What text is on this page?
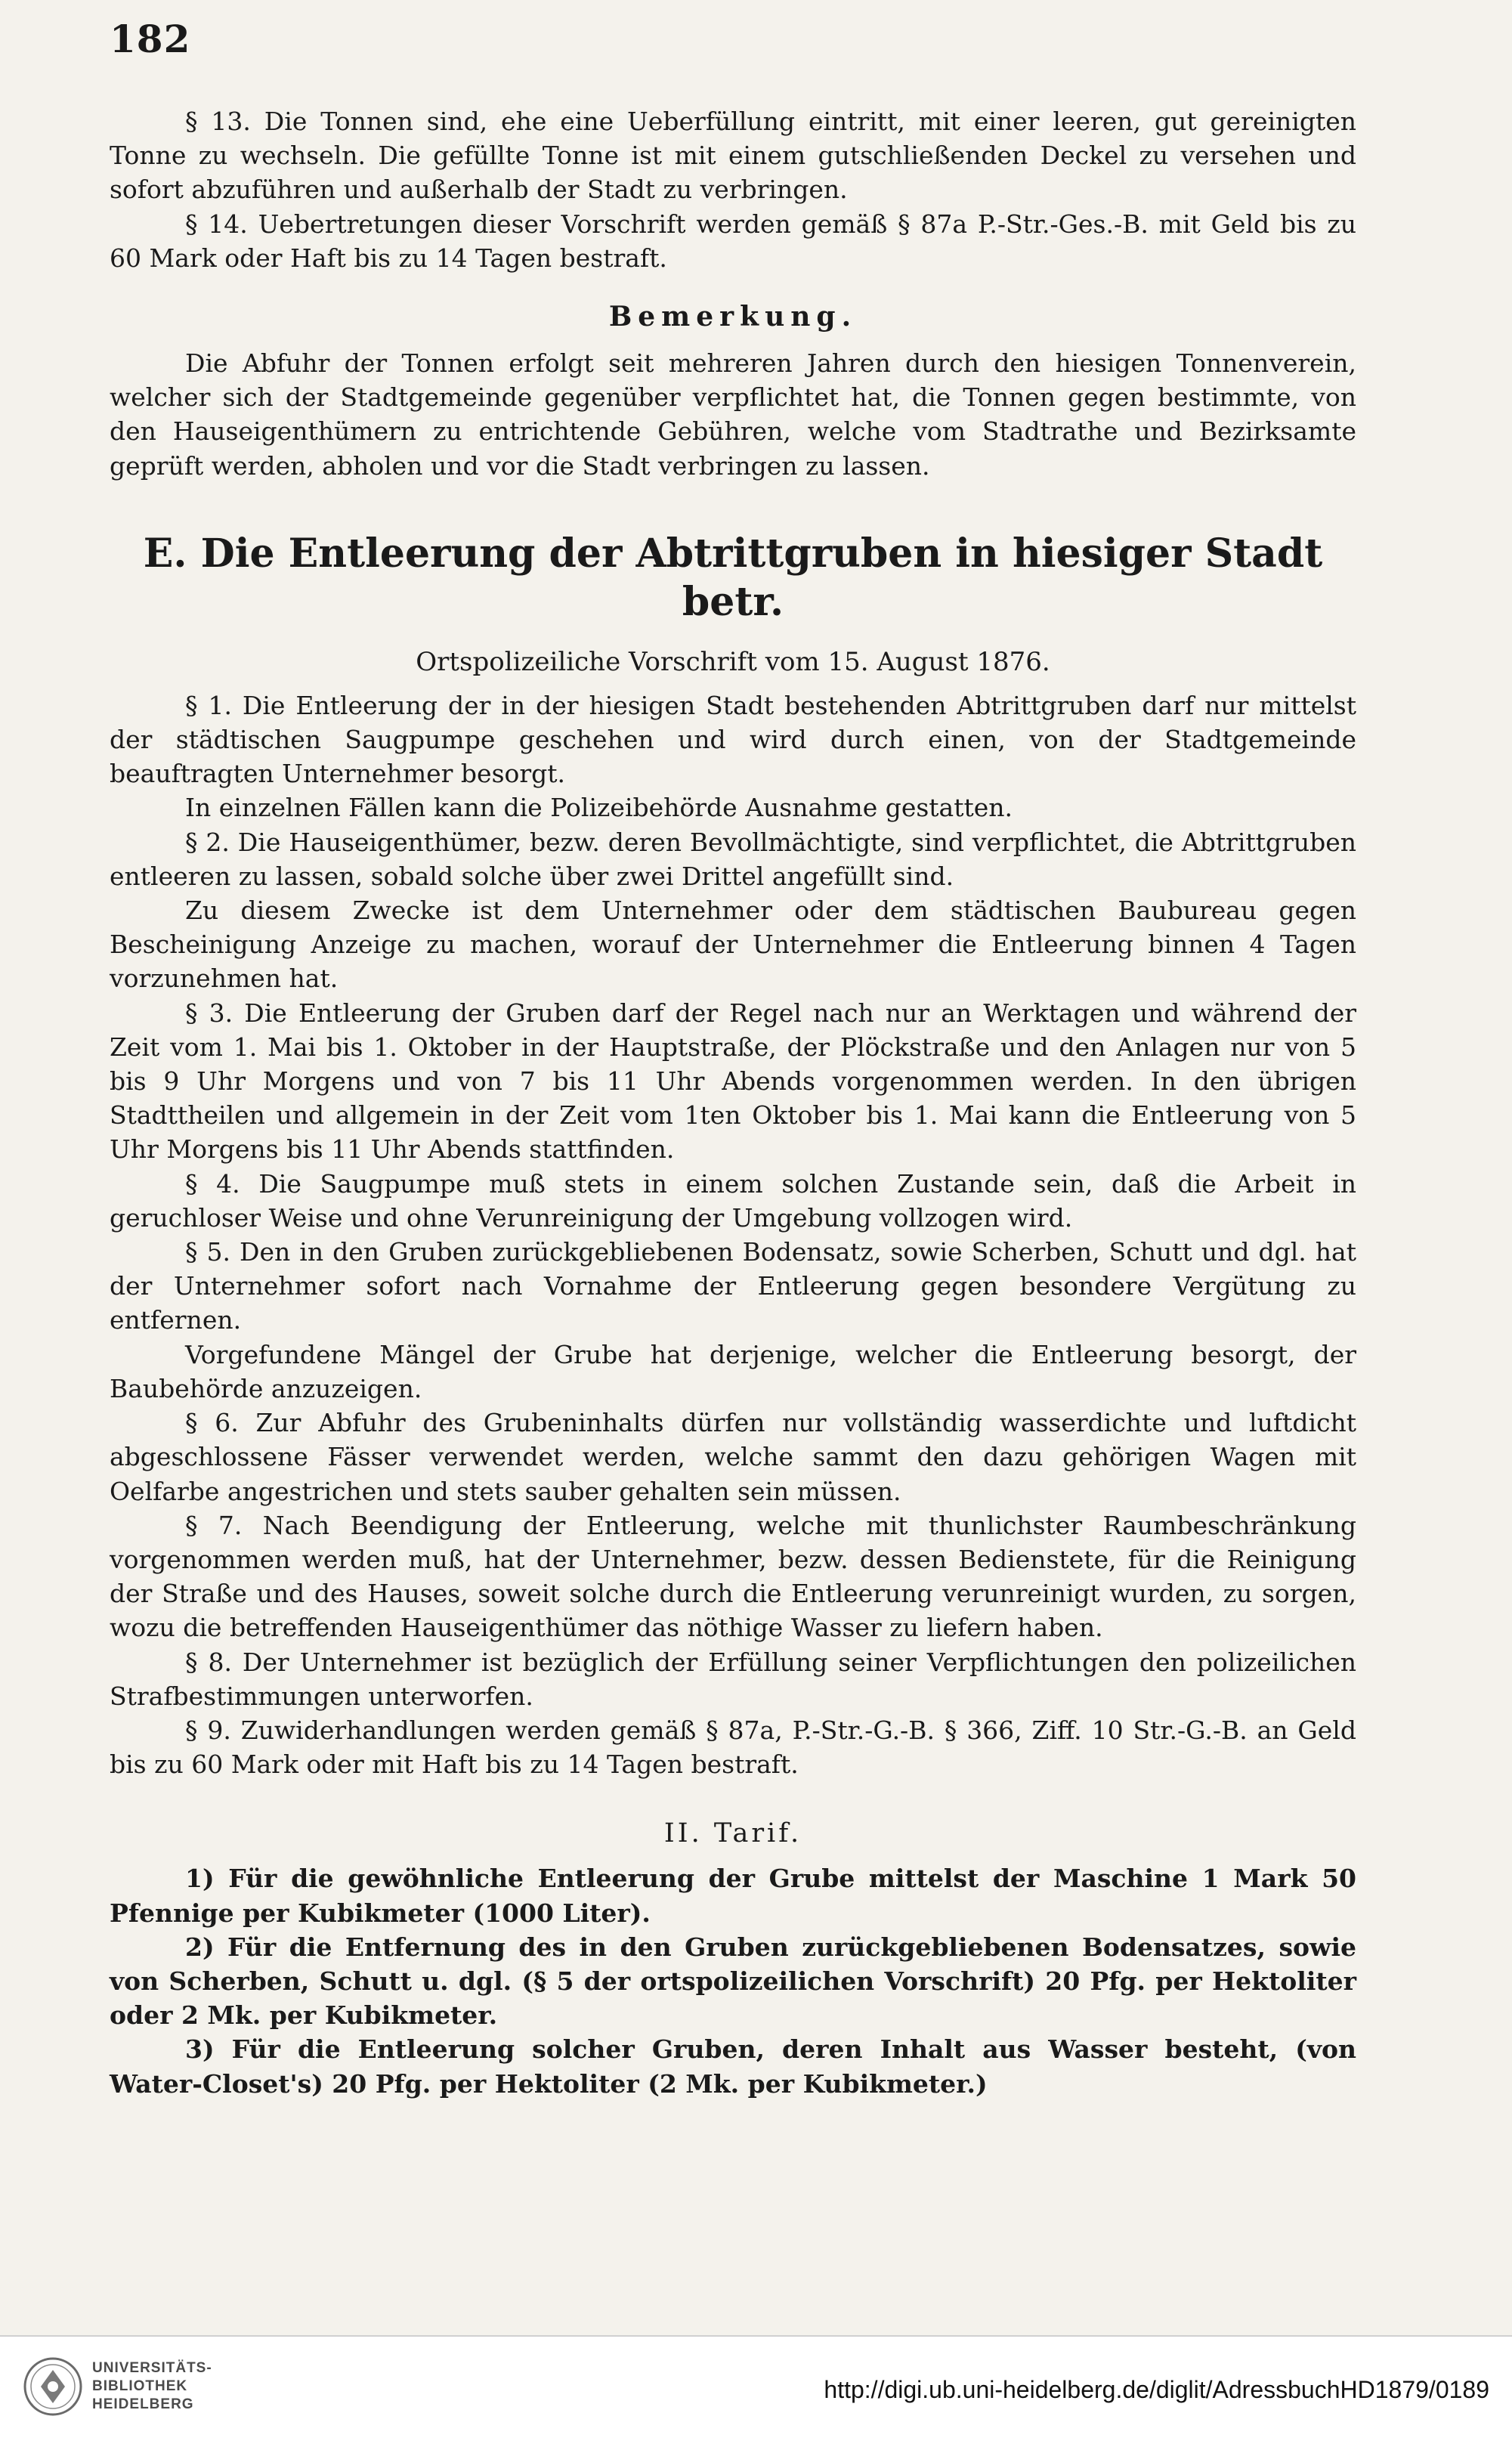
182

§ 13. Die Tonnen sind, ehe eine Ueberfüllung eintritt, mit einer leeren, gut gereinigten Tonne zu wechseln. Die gefüllte Tonne ist mit einem gutschließenden Deckel zu versehen und sofort abzuführen und außerhalb der Stadt zu verbringen.

§ 14. Uebertretungen dieser Vorschrift werden gemäß § 87a P.-Str.-Ges.-B. mit Geld bis zu 60 Mark oder Haft bis zu 14 Tagen bestraft.

Bemerkung.

Die Abfuhr der Tonnen erfolgt seit mehreren Jahren durch den hiesigen Tonnenverein, welcher sich der Stadtgemeinde gegenüber verpflichtet hat, die Tonnen gegen bestimmte, von den Hauseigenthümern zu entrichtende Gebühren, welche vom Stadtrathe und Bezirksamte geprüft werden, abholen und vor die Stadt verbringen zu lassen.

E. Die Entleerung der Abtrittgruben in hiesiger Stadt betr.
Ortspolizeiliche Vorschrift vom 15. August 1876.

§ 1. Die Entleerung der in der hiesigen Stadt bestehenden Abtrittgruben darf nur mittelst der städtischen Saugpumpe geschehen und wird durch einen, von der Stadtgemeinde beauftragten Unternehmer besorgt.

In einzelnen Fällen kann die Polizeibehörde Ausnahme gestatten.

§ 2. Die Hauseigenthümer, bezw. deren Bevollmächtigte, sind verpflichtet, die Abtrittgruben entleeren zu lassen, sobald solche über zwei Drittel angefüllt sind.

Zu diesem Zwecke ist dem Unternehmer oder dem städtischen Baubureau gegen Bescheinigung Anzeige zu machen, worauf der Unternehmer die Entleerung binnen 4 Tagen vorzunehmen hat.

§ 3. Die Entleerung der Gruben darf der Regel nach nur an Werktagen und während der Zeit vom 1. Mai bis 1. Oktober in der Hauptstraße, der Plöckstraße und den Anlagen nur von 5 bis 9 Uhr Morgens und von 7 bis 11 Uhr Abends vorgenommen werden. In den übrigen Stadttheilen und allgemein in der Zeit vom 1ten Oktober bis 1. Mai kann die Entleerung von 5 Uhr Morgens bis 11 Uhr Abends stattfinden.

§ 4. Die Saugpumpe muß stets in einem solchen Zustande sein, daß die Arbeit in geruchloser Weise und ohne Verunreinigung der Umgebung vollzogen wird.

§ 5. Den in den Gruben zurückgebliebenen Bodensatz, sowie Scherben, Schutt und dgl. hat der Unternehmer sofort nach Vornahme der Entleerung gegen besondere Vergütung zu entfernen.

Vorgefundene Mängel der Grube hat derjenige, welcher die Entleerung besorgt, der Baubehörde anzuzeigen.

§ 6. Zur Abfuhr des Grubeninhalts dürfen nur vollständig wasserdichte und luftdicht abgeschlossene Fässer verwendet werden, welche sammt den dazu gehörigen Wagen mit Oelfarbe angestrichen und stets sauber gehalten sein müssen.

§ 7. Nach Beendigung der Entleerung, welche mit thunlichster Raumbeschränkung vorgenommen werden muß, hat der Unternehmer, bezw. dessen Bedienstete, für die Reinigung der Straße und des Hauses, soweit solche durch die Entleerung verunreinigt wurden, zu sorgen, wozu die betreffenden Hauseigenthümer das nöthige Wasser zu liefern haben.

§ 8. Der Unternehmer ist bezüglich der Erfüllung seiner Verpflichtungen den polizeilichen Strafbestimmungen unterworfen.

§ 9. Zuwiderhandlungen werden gemäß § 87a, P.-Str.-G.-B. § 366, Ziff. 10 Str.-G.-B. an Geld bis zu 60 Mark oder mit Haft bis zu 14 Tagen bestraft.

II. Tarif.

1) Für die gewöhnliche Entleerung der Grube mittelst der Maschine 1 Mark 50 Pfennige per Kubikmeter (1000 Liter).

2) Für die Entfernung des in den Gruben zurückgebliebenen Bodensatzes, sowie von Scherben, Schutt u. dgl. (§ 5 der ortspolizeilichen Vorschrift) 20 Pfg. per Hektoliter oder 2 Mk. per Kubikmeter.

3) Für die Entleerung solcher Gruben, deren Inhalt aus Wasser besteht, (von Water-Closet's) 20 Pfg. per Hektoliter (2 Mk. per Kubikmeter.)

UNIVERSITÄTS-
BIBLIOTHEK
HEIDELBERG
http://digi.ub.uni-heidelberg.de/diglit/AdressbuchHD1879/0189
